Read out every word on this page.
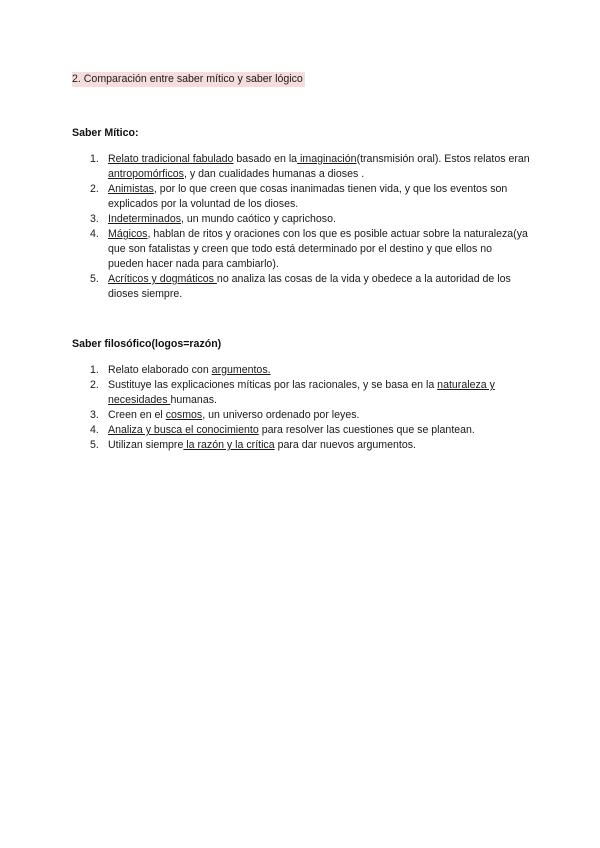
2. Comparación entre saber mítico y saber lógico
Saber Mítico:
1. Relato tradicional fabulado basado en la imaginación(transmisión oral). Estos relatos eran antropomórficos, y dan cualidades humanas a dioses .
2. Animistas, por lo que creen que cosas inanimadas tienen vida, y que los eventos son explicados por la voluntad de los dioses.
3. Indeterminados, un mundo caótico y caprichoso.
4. Mágicos, hablan de ritos y oraciones con los que es posible actuar sobre la naturaleza(ya que son fatalistas y creen que todo está determinado por el destino y que ellos no pueden hacer nada para cambiarlo).
5. Acríticos y dogmáticos no analiza las cosas de la vida y obedece a la autoridad de los dioses siempre.
Saber filosófico(logos=razón)
1. Relato elaborado con argumentos.
2. Sustituye las explicaciones míticas por las racionales, y se basa en la naturaleza y necesidades humanas.
3. Creen en el cosmos, un universo ordenado por leyes.
4. Analiza y busca el conocimiento para resolver las cuestiones que se plantean.
5. Utilizan siempre la razón y la crítica para dar nuevos argumentos.
